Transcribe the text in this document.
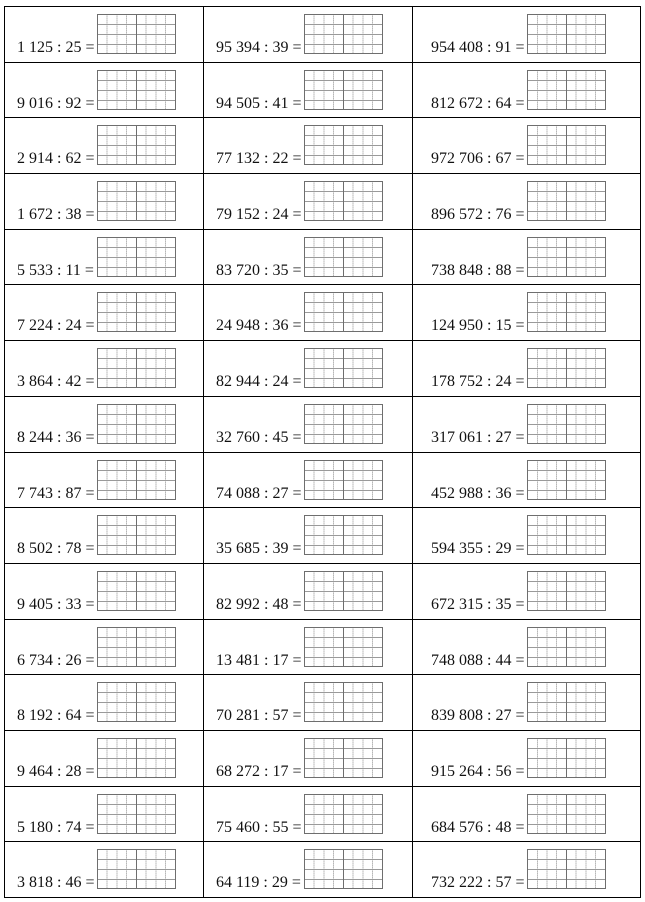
1 125 : 25 =	95 394 : 39 =	954 408 : 91 =

9 016 : 92 =	94 505 : 41 =	812 672 : 64 =

2 914 : 62 =	77 132 : 22 =	972 706 : 67 =

1 672 : 38 =	79 152 : 24 =	896 572 : 76 =

5 533 : 11 =	83 720 : 35 =	738 848 : 88 =

7 224 : 24 =	24 948 : 36 =	124 950 : 15 =

3 864 : 42 =	82 944 : 24 =	178 752 : 24 =

8 244 : 36 =	32 760 : 45 =	317 061 : 27 =

7 743 : 87 =	74 088 : 27 =	452 988 : 36 =

8 502 : 78 =	35 685 : 39 =	594 355 : 29 =

9 405 : 33 =	82 992 : 48 =	672 315 : 35 =

6 734 : 26 =	13 481 : 17 =	748 088 : 44 =

8 192 : 64 =	70 281 : 57 =	839 808 : 27 =

9 464 : 28 =	68 272 : 17 =	915 264 : 56 =

5 180 : 74 =	75 460 : 55 =	684 576 : 48 =

3 818 : 46 =	64 119 : 29 =	732 222 : 57 =
